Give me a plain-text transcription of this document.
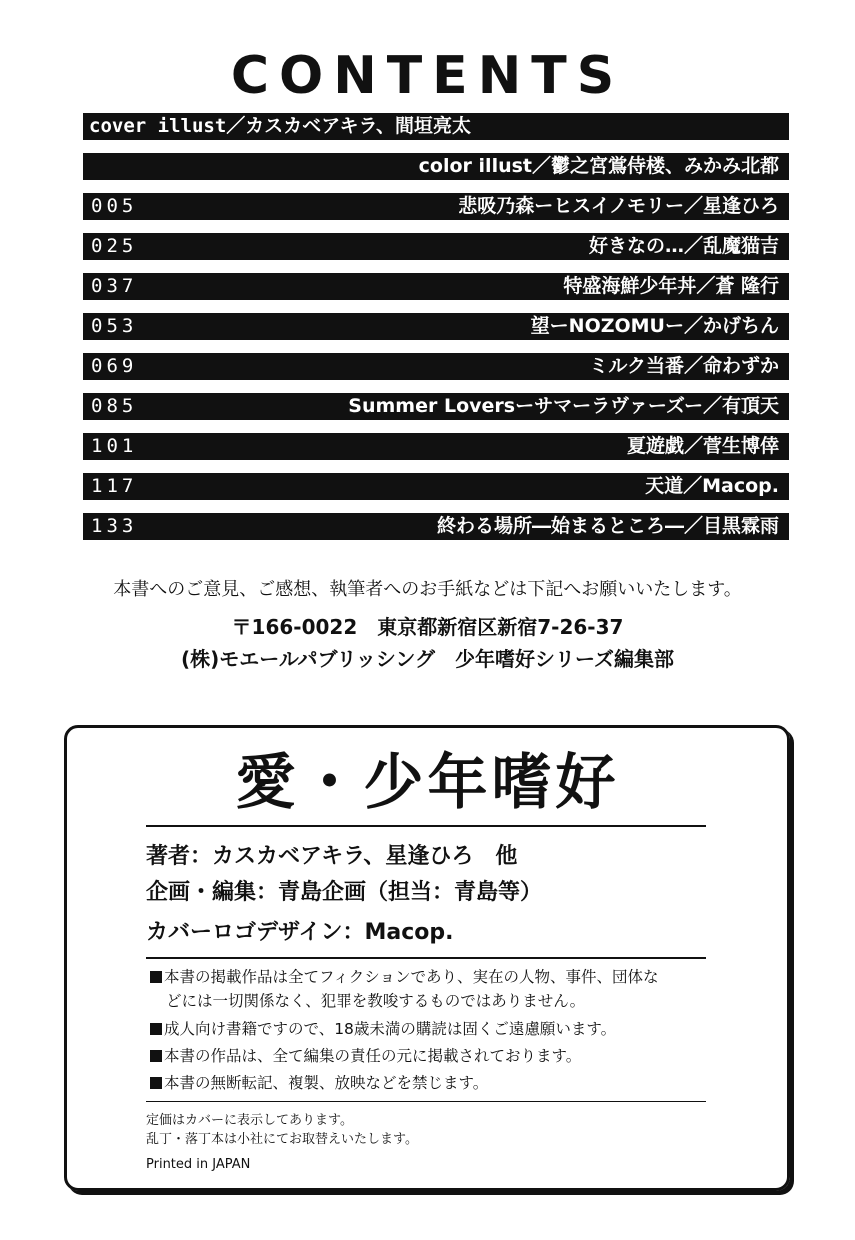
CONTENTS
cover illust／カスカベアキラ、間垣亮太
color illust／鬱之宮鴬侍楼、みかみ北都
005	悲吸乃森ーヒスイノモリー／星逢ひろ
025	好きなの…／乱魔猫吉
037	特盛海鮮少年丼／蒼 隆行
053	望ーNOZOMUー／かげちん
069	ミルク当番／命わずか
085	Summer Loversーサマーラヴァーズー／有頂天
101	夏遊戯／菅生博倖
117	天道／Macop.
133	終わる場所―始まるところ―／目黒霖雨
本書へのご意見、ご感想、執筆者へのお手紙などは下記へお願いいたします。
〒166-0022　東京都新宿区新宿7-26-37
(株)モエールパブリッシング　少年嗜好シリーズ編集部
愛・少年嗜好
著者：カスカベアキラ、星逢ひろ　他
企画・編集：青島企画（担当：青島等）
カバーロゴデザイン：Macop.
本書の掲載作品は全てフィクションであり、実在の人物、事件、団体な
どには一切関係なく、犯罪を教唆するものではありません。
成人向け書籍ですので、18歳未満の購読は固くご遠慮願います。
本書の作品は、全て編集の責任の元に掲載されております。
本書の無断転記、複製、放映などを禁じます。
定価はカバーに表示してあります。
乱丁・落丁本は小社にてお取替えいたします。
Printed in JAPAN
